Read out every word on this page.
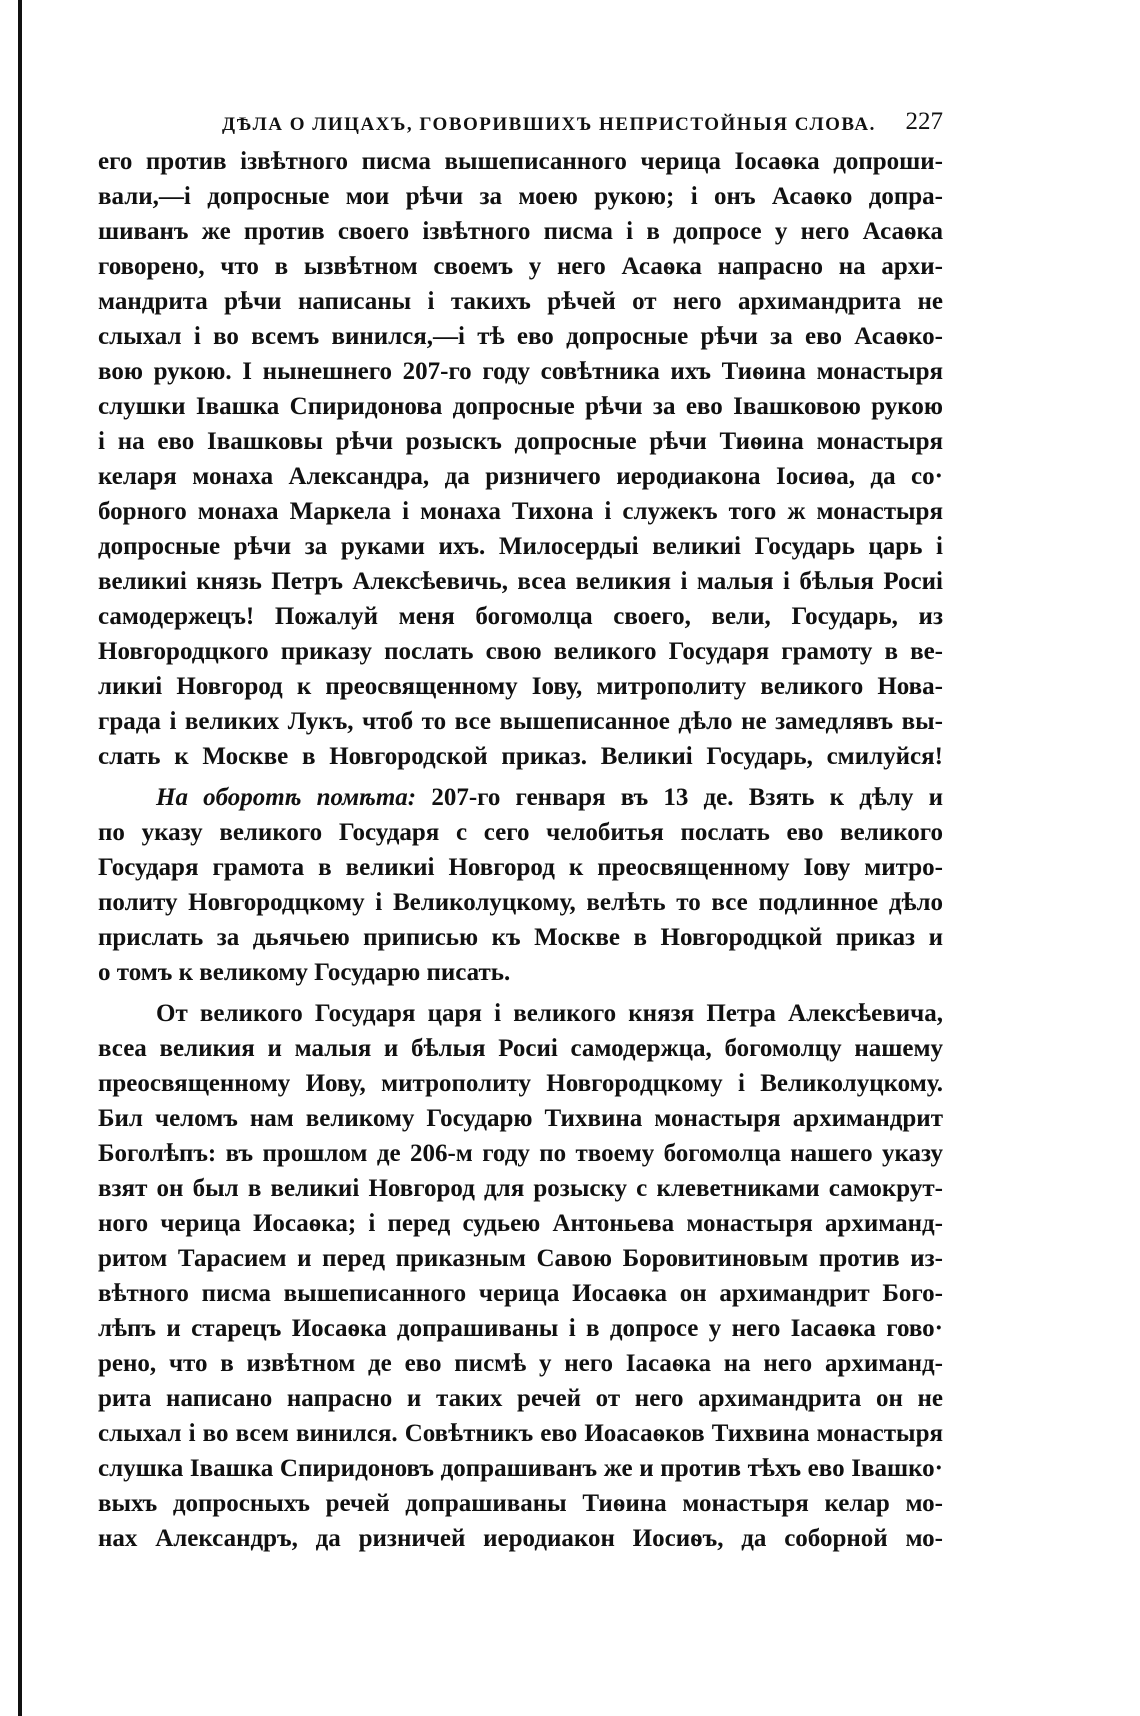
ДѢЛА О ЛИЦАХЪ, ГОВОРИВШИХЪ НЕПРИСТОЙНЫЯ СЛОВА. 227
его против ізвѣтного писма вышеписанного черица Іосаѳка допроши-
вали,—і допросные мои рѣчи за моею рукою; і онъ Асаѳко допра-
шиванъ же против своего ізвѣтного писма і в допросе у него Асаѳка
говорено, что в ызвѣтном своемъ у него Асаѳка напрасно на архи-
мандрита рѣчи написаны і такихъ рѣчей от него архимандрита не
слыхал і во всемъ винился,—і тѣ ево допросные рѣчи за ево Асаѳко-
вою рукою. І нынешнего 207-го году совѣтника ихъ Тиѳина монастыря
слушки Івашка Спиридонова допросные рѣчи за ево Івашковою рукою
і на ево Івашковы рѣчи розыскъ допросные рѣчи Тиѳина монастыря
келаря монаха Александра, да ризничего иеродиакона Іосиѳа, да со·
борного монаха Маркела і монаха Тихона і служекъ того ж монастыря
допросные рѣчи за руками ихъ. Милосердыі великиі Государь царь і
великиі князь Петръ Алексѣевичь, всеа великия і малыя і бѣлыя Росиі
самодержецъ! Пожалуй меня богомолца своего, вели, Государь, из
Новгородцкого приказу послать свою великого Государя грамоту в ве-
ликиі Новгород к преосвященному Іову, митрополиту великого Нова-
града і великих Лукъ, чтоб то все вышеписанное дѣло не замедлявъ вы-
слать к Москве в Новгородской приказ. Великиі Государь, смилуйся!
На оборотѣ помѣта: 207-го генваря въ 13 де. Взять к дѣлу и
по указу великого Государя с сего челобитья послать ево великого
Государя грамота в великиі Новгород к преосвященному Іову митро-
политу Новгородцкому і Великолуцкому, велѣть то все подлинное дѣло
прислать за дьячьею приписью къ Москве в Новгородцкой приказ и
о томъ к великому Государю писать.
От великого Государя царя і великого князя Петра Алексѣевича,
всеа великия и малыя и бѣлыя Росиі самодержца, богомолцу нашему
преосвященному Иову, митрополиту Новгородцкому і Великолуцкому.
Бил челомъ нам великому Государю Тихвина монастыря архимандрит
Боголѣпъ: въ прошлом де 206-м году по твоему богомолца нашего указу
взят он был в великиі Новгород для розыску с клеветниками самокрут-
ного черица Иосаѳка; і перед судьею Антоньева монастыря архиманд-
ритом Тарасием и перед приказным Савою Боровитиновым против из-
вѣтного писма вышеписанного черица Иосаѳка он архимандрит Бого-
лѣпъ и старецъ Иосаѳка допрашиваны і в допросе у него Іасаѳка гово·
рено, что в извѣтном де ево писмѣ у него Іасаѳка на него архиманд-
рита написано напрасно и таких речей от него архимандрита он не
слыхал і во всем винился. Совѣтникъ ево Иоасаѳков Тихвина монастыря
слушка Івашка Спиридоновъ допрашиванъ же и против тѣхъ ево Івашко·
выхъ допросныхъ речей допрашиваны Тиѳина монастыря келар мо-
нах Александръ, да ризничей иеродиакон Иосиѳъ, да соборной мо-
